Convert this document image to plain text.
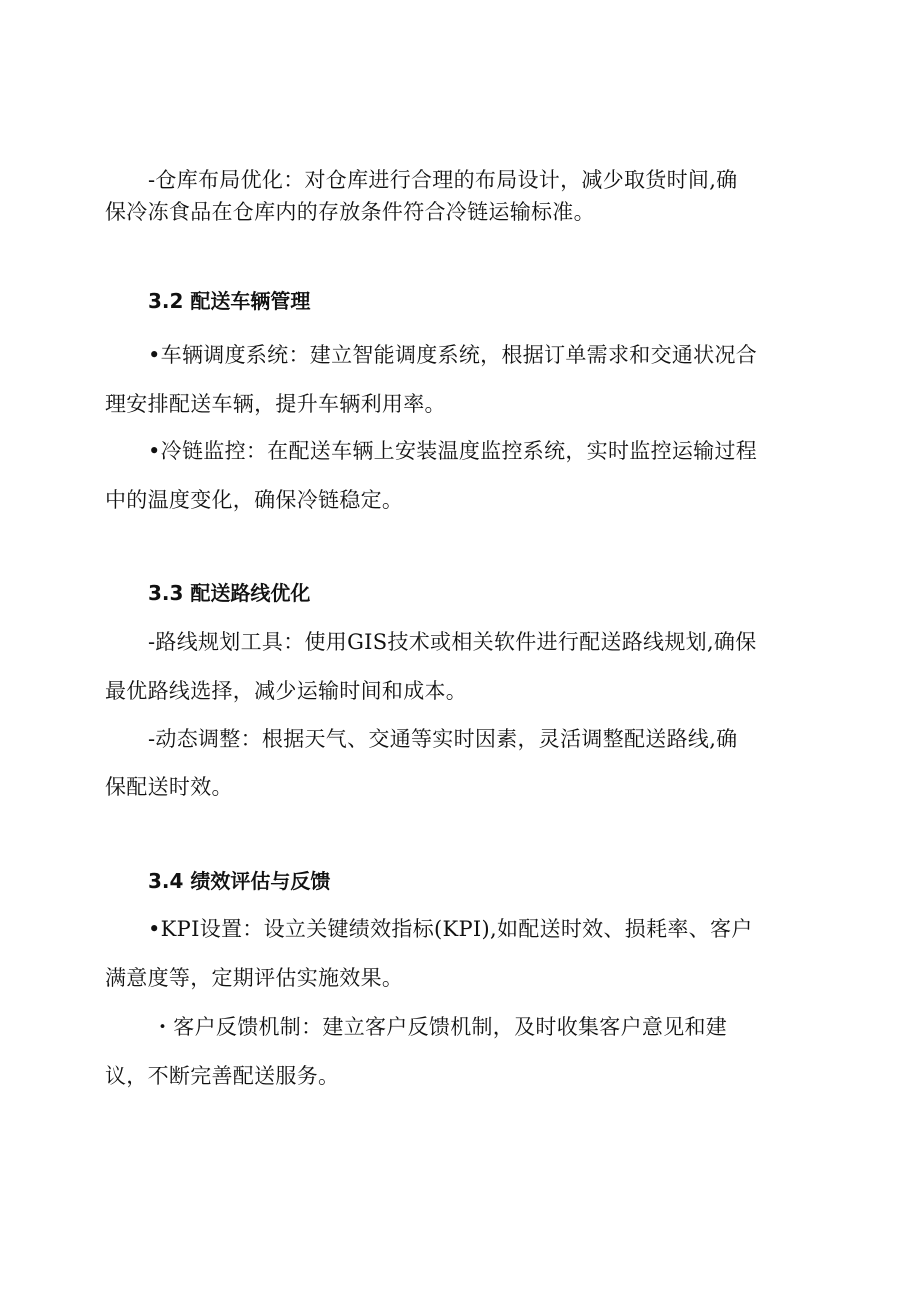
-仓库布局优化：对仓库进行合理的布局设计，减少取货时间,确
保冷冻食品在仓库内的存放条件符合冷链运输标准。
3.2 配送车辆管理
•车辆调度系统：建立智能调度系统，根据订单需求和交通状况合
理安排配送车辆，提升车辆利用率。
•冷链监控：在配送车辆上安装温度监控系统，实时监控运输过程
中的温度变化，确保冷链稳定。
3.3 配送路线优化
-路线规划工具：使用GIS技术或相关软件进行配送路线规划,确保
最优路线选择，减少运输时间和成本。
-动态调整：根据天气、交通等实时因素，灵活调整配送路线,确
保配送时效。
3.4 绩效评估与反馈
•KPI设置：设立关键绩效指标(KPI),如配送时效、损耗率、客户
满意度等，定期评估实施效果。
・客户反馈机制：建立客户反馈机制，及时收集客户意见和建
议，不断完善配送服务。
